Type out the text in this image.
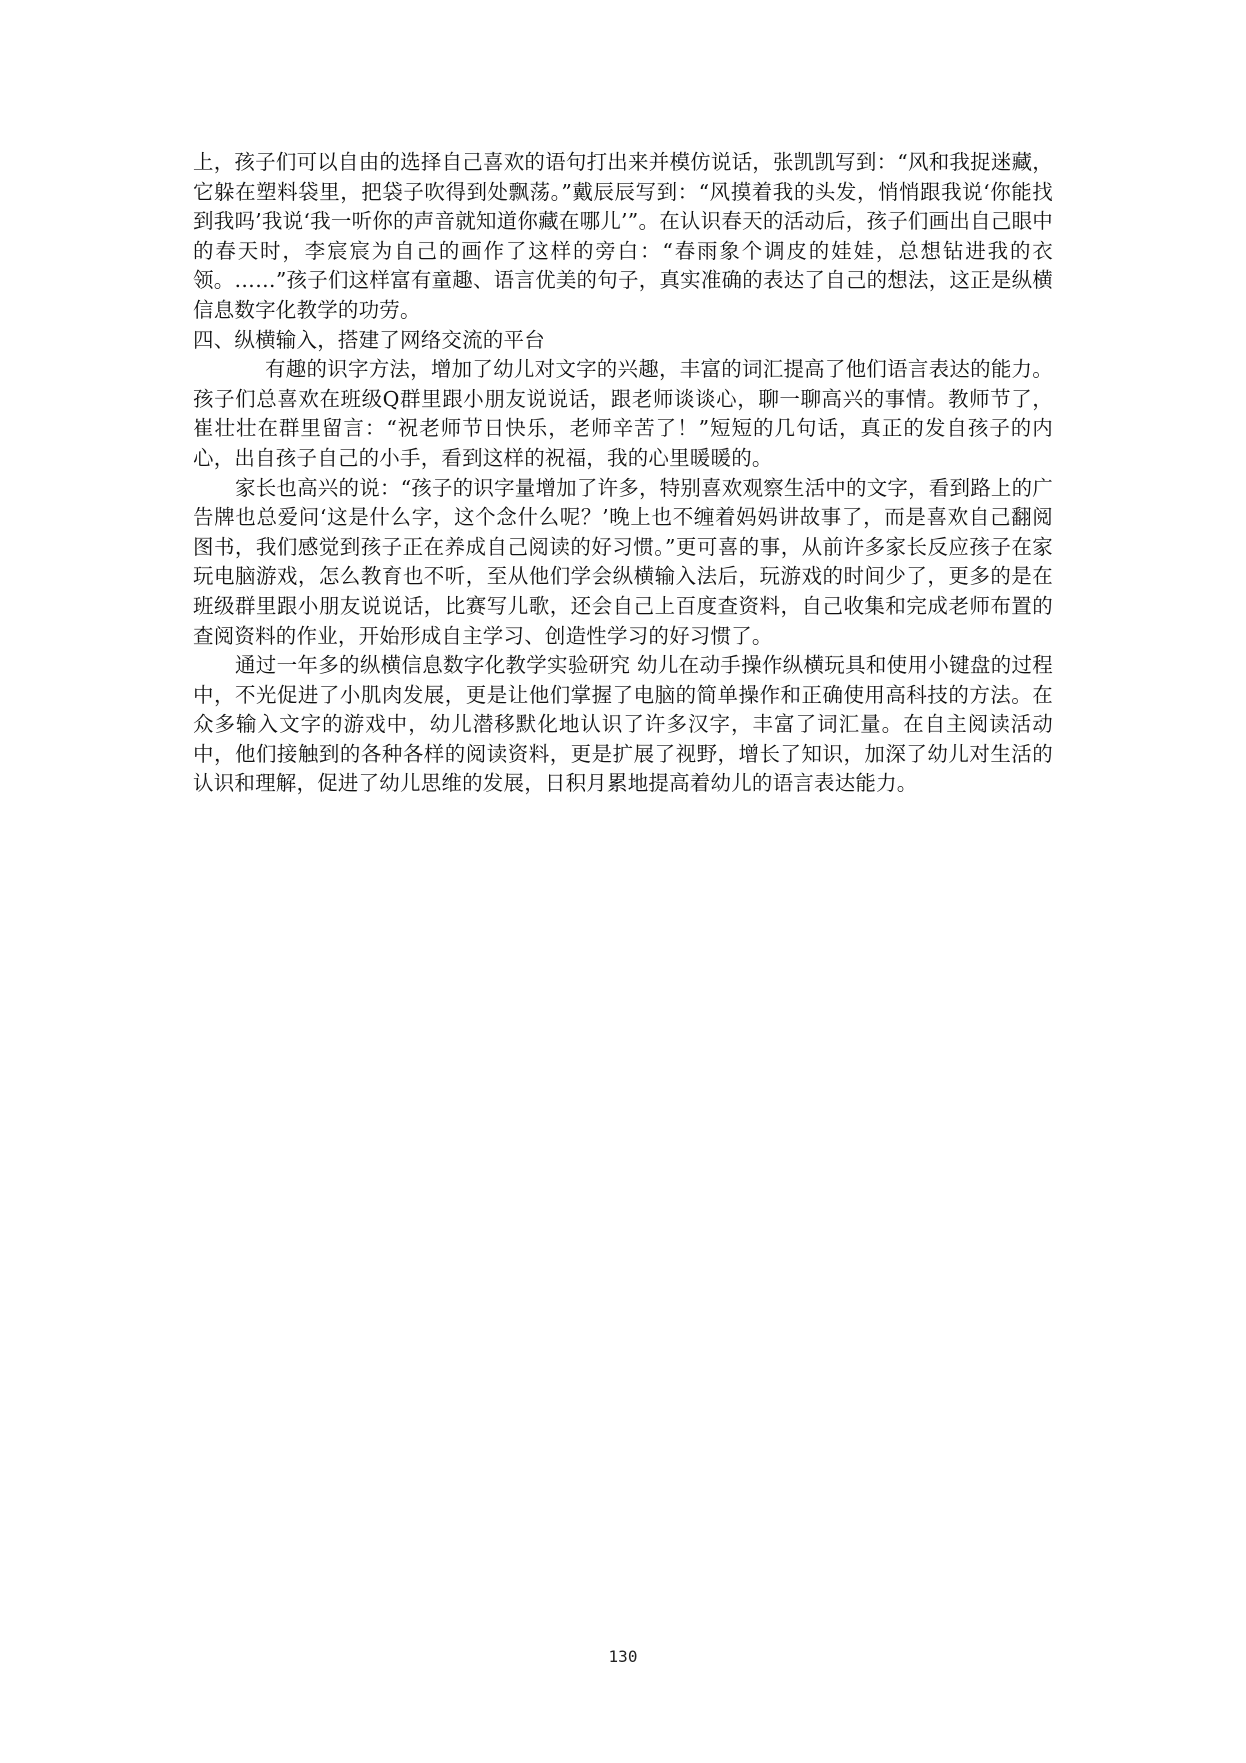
上，孩子们可以自由的选择自己喜欢的语句打出来并模仿说话，张凯凯写到：“风和我捉迷藏，它躲在塑料袋里，把袋子吹得到处飘荡。”戴辰辰写到：“风摸着我的头发，悄悄跟我说‘你能找到我吗’我说‘我一听你的声音就知道你藏在哪儿’”。在认识春天的活动后，孩子们画出自己眼中的春天时，李宸宸为自己的画作了这样的旁白：“春雨象个调皮的娃娃，总想钻进我的衣领。……”孩子们这样富有童趣、语言优美的句子，真实准确的表达了自己的想法，这正是纵横信息数字化教学的功劳。

四、纵横输入，搭建了网络交流的平台

有趣的识字方法，增加了幼儿对文字的兴趣，丰富的词汇提高了他们语言表达的能力。孩子们总喜欢在班级Q群里跟小朋友说说话，跟老师谈谈心，聊一聊高兴的事情。教师节了，崔壮壮在群里留言：“祝老师节日快乐，老师辛苦了！”短短的几句话，真正的发自孩子的内心，出自孩子自己的小手，看到这样的祝福，我的心里暖暖的。

家长也高兴的说：“孩子的识字量增加了许多，特别喜欢观察生活中的文字，看到路上的广告牌也总爱问‘这是什么字，这个念什么呢？’晚上也不缠着妈妈讲故事了，而是喜欢自己翻阅图书，我们感觉到孩子正在养成自己阅读的好习惯。”更可喜的事，从前许多家长反应孩子在家玩电脑游戏，怎么教育也不听，至从他们学会纵横输入法后，玩游戏的时间少了，更多的是在班级群里跟小朋友说说话，比赛写儿歌，还会自己上百度查资料，自己收集和完成老师布置的查阅资料的作业，开始形成自主学习、创造性学习的好习惯了。

通过一年多的纵横信息数字化教学实验研究 幼儿在动手操作纵横玩具和使用小键盘的过程中，不光促进了小肌肉发展，更是让他们掌握了电脑的简单操作和正确使用高科技的方法。在众多输入文字的游戏中，幼儿潜移默化地认识了许多汉字，丰富了词汇量。在自主阅读活动中，他们接触到的各种各样的阅读资料，更是扩展了视野，增长了知识，加深了幼儿对生活的认识和理解，促进了幼儿思维的发展，日积月累地提高着幼儿的语言表达能力。

130
